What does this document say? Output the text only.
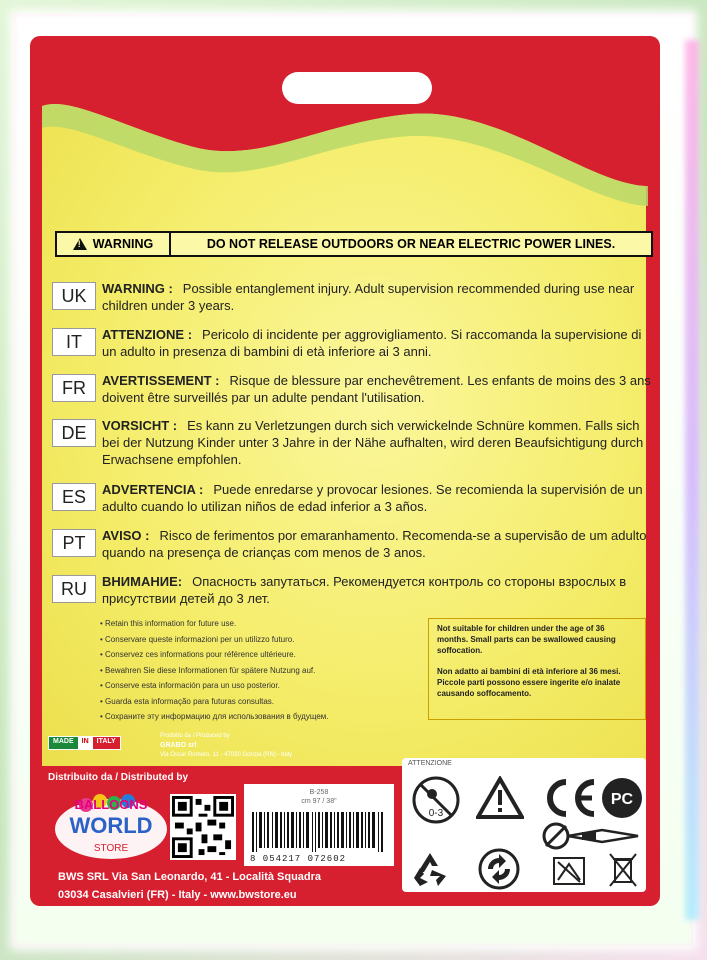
!
WARNING	DO NOT RELEASE OUTDOORS OR NEAR ELECTRIC POWER LINES.
UK	WARNING : Possible entanglement injury. Adult supervision recommended during use near children under 3 years.
IT	ATTENZIONE : Pericolo di incidente per aggrovigliamento. Si raccomanda la supervisione di un adulto in presenza di bambini di età inferiore ai 3 anni.
FR	AVERTISSEMENT : Risque de blessure par enchevêtrement. Les enfants de moins des 3 ans doivent être surveillés par un adulte pendant l'utilisation.
DE	VORSICHT : Es kann zu Verletzungen durch sich verwickelnde Schnüre kommen. Falls sich bei der Nutzung Kinder unter 3 Jahre in der Nähe aufhalten, wird deren Beaufsichtigung durch Erwachsene empfohlen.
ES	ADVERTENCIA : Puede enredarse y provocar lesiones. Se recomienda la supervisión de un adulto cuando lo utilizan niños de edad inferior a 3 años.
PT	AVISO : Risco de ferimentos por emaranhamento. Recomenda-se a supervisão de um adulto quando na presença de crianças com menos de 3 anos.
RU	ВНИМАНИЕ: Опасность запутаться. Рекомендуется контроль со стороны взрослых в присутствии детей до 3 лет.
• Retain this information for future use.
• Conservare queste informazioni per un utilizzo futuro.
• Conservez ces informations pour référence ultérieure.
• Bewahren Sie diese Informationen für spätere Nutzung auf.
• Conserve esta información para un uso posterior.
• Guarda esta informação para futuras consultas.
• Сохраните эту информацию для использования в будущем.

Not suitable for children under the age of 36 months. Small parts can be swallowed causing soffocation.

Non adatto ai bambini di età inferiore al 36 mesi. Piccole parti possono essere ingerite e/o inalate causando soffocamento.

MADE	IN	ITALY
Prodotto da / Produced by
GRABO srl
Via Oscar Romero, 11 - 47030 Gorizia (RN) - Italy
Distribuito da / Distributed by
BALLOONS
WORLD
STORE
B-258
cm 97 / 38"
8 054217 072602
BWS SRL Via San Leonardo, 41 - Località Squadra
03034 Casalvieri (FR) - Italy - www.bwstore.eu
ATTENZIONE
0-3
PC
